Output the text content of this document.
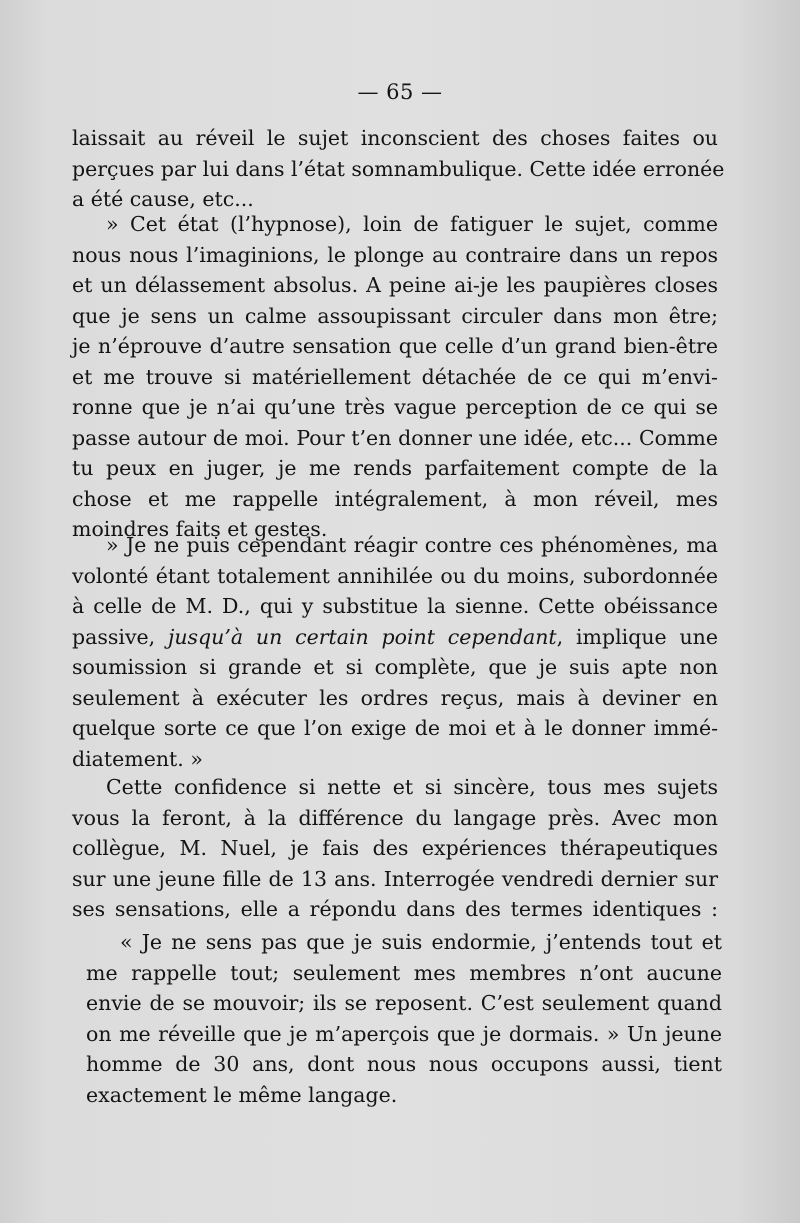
— 65 —
laissait au réveil le sujet inconscient des choses faites ou
perçues par lui dans l’état somnambulique. Cette idée erronée
a été cause, etc...
» Cet état (l’hypnose), loin de fatiguer le sujet, comme
nous nous l’imaginions, le plonge au contraire dans un repos
et un délassement absolus. A peine ai-je les paupières closes
que je sens un calme assoupissant circuler dans mon être;
je n’éprouve d’autre sensation que celle d’un grand bien-être
et me trouve si matériellement détachée de ce qui m’envi-
ronne que je n’ai qu’une très vague perception de ce qui se
passe autour de moi. Pour t’en donner une idée, etc... Comme
tu peux en juger, je me rends parfaitement compte de la
chose et me rappelle intégralement, à mon réveil, mes
moindres faits et gestes.
» Je ne puis cependant réagir contre ces phénomènes, ma
volonté étant totalement annihilée ou du moins, subordonnée
à celle de M. D., qui y substitue la sienne. Cette obéissance
passive, jusqu’à un certain point cependant, implique une
soumission si grande et si complète, que je suis apte non
seulement à exécuter les ordres reçus, mais à deviner en
quelque sorte ce que l’on exige de moi et à le donner immé-
diatement. »
Cette confidence si nette et si sincère, tous mes sujets
vous la feront, à la différence du langage près. Avec mon
collègue, M. Nuel, je fais des expériences thérapeutiques
sur une jeune fille de 13 ans. Interrogée vendredi dernier sur
ses sensations, elle a répondu dans des termes identiques :
« Je ne sens pas que je suis endormie, j’entends tout et
me rappelle tout; seulement mes membres n’ont aucune
envie de se mouvoir; ils se reposent. C’est seulement quand
on me réveille que je m’aperçois que je dormais. » Un jeune
homme de 30 ans, dont nous nous occupons aussi, tient
exactement le même langage.
